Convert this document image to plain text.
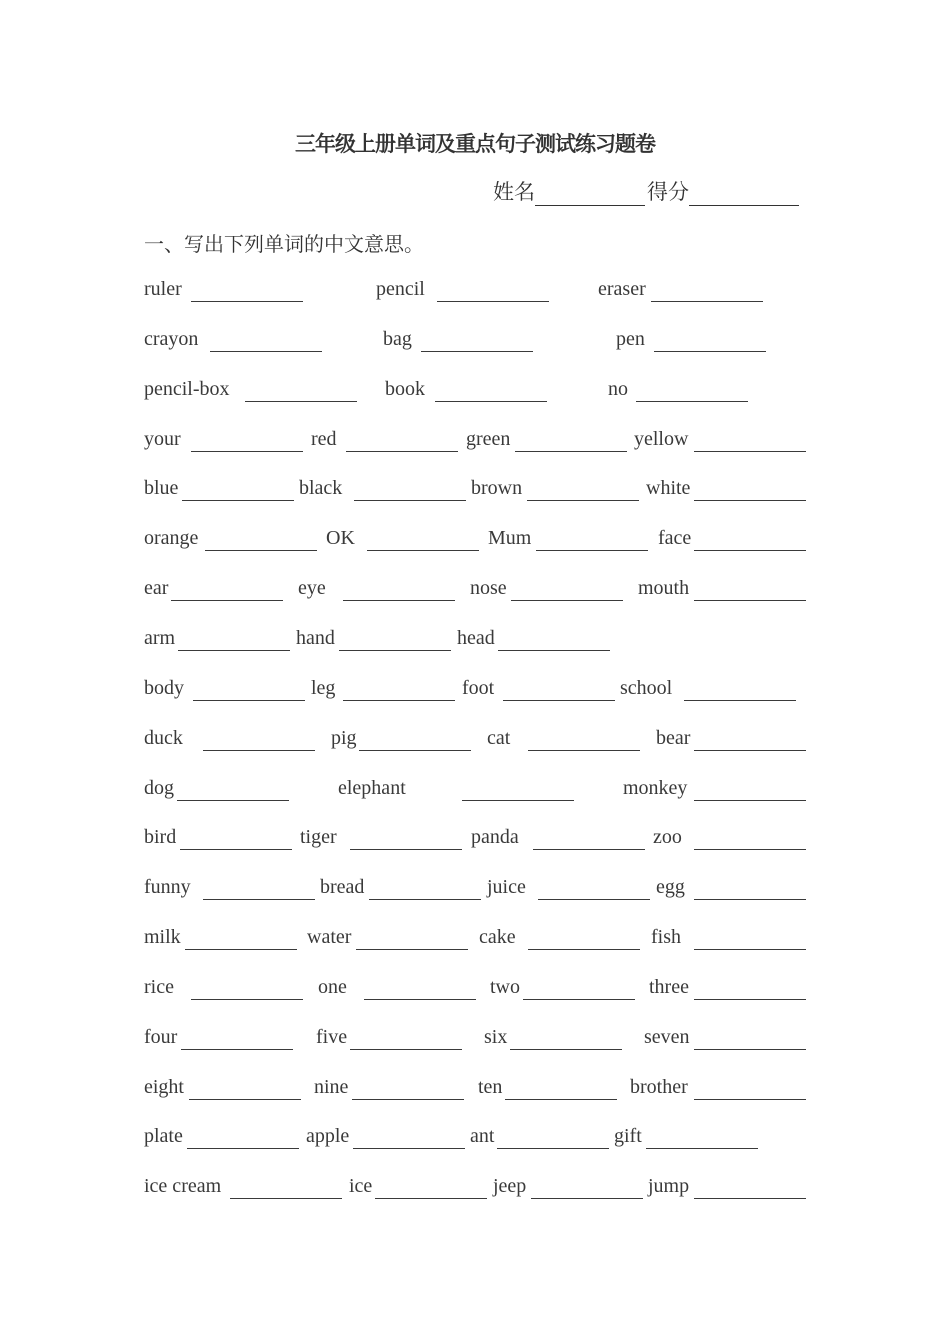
三年级上册单词及重点句子测试练习题卷
姓名	得分
一、写出下列单词的中文意思。
ruler	pencil	eraser
crayon	bag	pen
pencil-box	book	no
your	red	green	yellow
blue	black	brown	white
orange	OK	Mum	face
ear	eye	nose	mouth
arm	hand	head
body	leg	foot	school
duck	pig	cat	bear
dog	elephant	monkey
bird	tiger	panda	zoo
funny	bread	juice	egg
milk	water	cake	fish
rice	one	two	three
four	five	six	seven
eight	nine	ten	brother
plate	apple	ant	gift
ice cream	ice	jeep	jump
